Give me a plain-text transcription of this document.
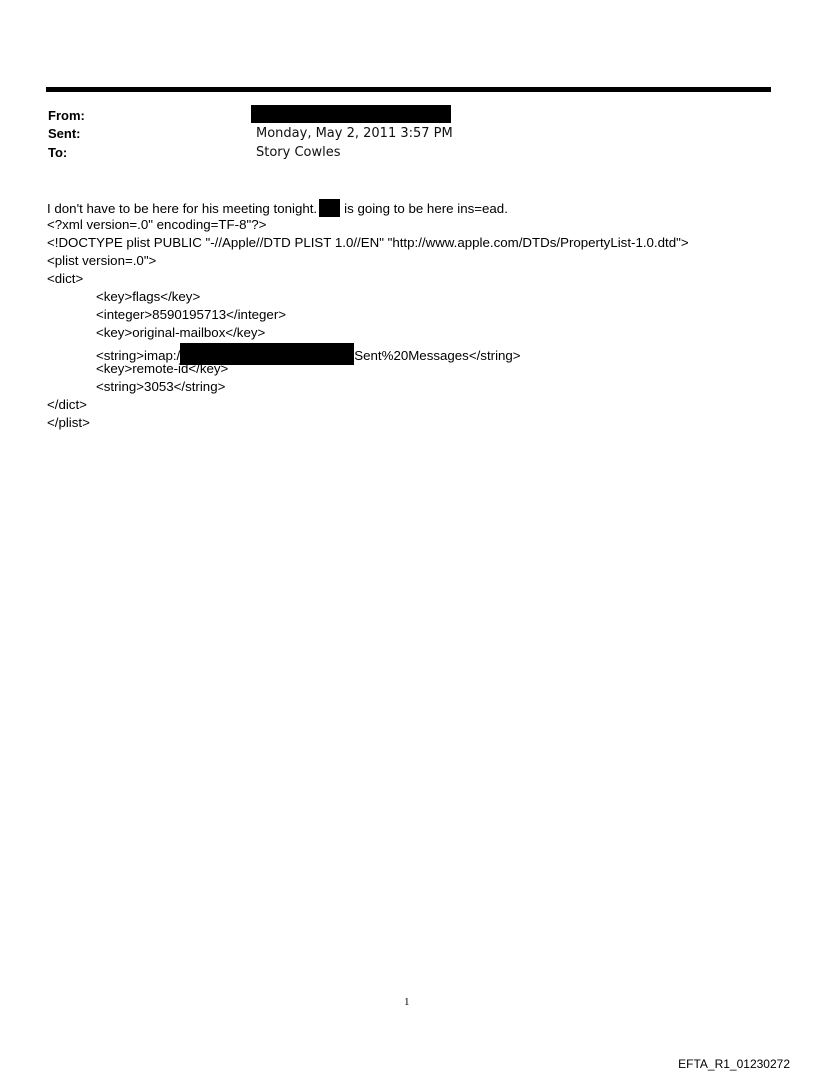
From:
Sent:	Monday, May 2, 2011 3:57 PM
To:	Story Cowles
I don't have to be here for his meeting tonight. is going to be here ins=ead.
<?xml version=.0" encoding=TF-8"?>
<!DOCTYPE plist PUBLIC "-//Apple//DTD PLIST 1.0//EN" "http://www.apple.com/DTDs/PropertyList-1.0.dtd">
<plist version=.0">
<dict>
<key>flags</key>
<integer>8590195713</integer>
<key>original-mailbox</key>
<string>imap:/	Sent%20Messages</string>
<key>remote-id</key>
<string>3053</string>
</dict>
</plist>
1
EFTA_R1_01230272
